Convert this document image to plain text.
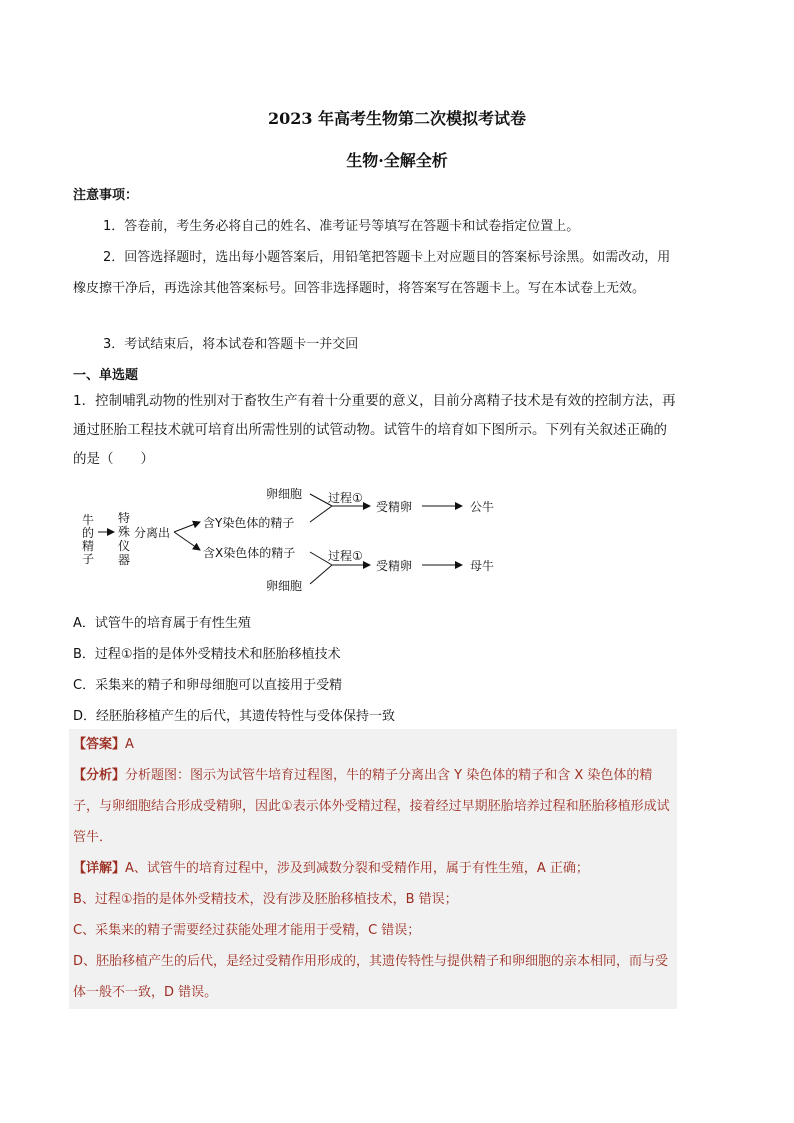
2023 年高考生物第二次模拟考试卷
生物·全解全析
注意事项：
1．答卷前，考生务必将自己的姓名、准考证号等填写在答题卡和试卷指定位置上。
2．回答选择题时，选出每小题答案后，用铅笔把答题卡上对应题目的答案标号涂黑。如需改动，用橡皮擦干净后，再选涂其他答案标号。回答非选择题时，将答案写在答题卡上。写在本试卷上无效。
3．考试结束后，将本试卷和答题卡一并交回
一、单选题
1．控制哺乳动物的性别对于畜牧生产有着十分重要的意义，目前分离精子技术是有效的控制方法，再通过胚胎工程技术就可培育出所需性别的试管动物。试管牛的培育如下图所示。下列有关叙述正确的的是（　　）
牛
的
精
子
特
殊
仪
器
分离出
含Y染色体的精子
含X染色体的精子
卵细胞 过程①
受精卵	公牛
卵细胞
过程①
受精卵	母牛
A．试管牛的培育属于有性生殖
B．过程①指的是体外受精技术和胚胎移植技术
C．采集来的精子和卵母细胞可以直接用于受精
D．经胚胎移植产生的后代，其遗传特性与受体保持一致
【答案】A
【分析】分析题图：图示为试管牛培育过程图，牛的精子分离出含 Y 染色体的精子和含 X 染色体的精子，与卵细胞结合形成受精卵，因此①表示体外受精过程，接着经过早期胚胎培养过程和胚胎移植形成试管牛．
【详解】A、试管牛的培育过程中，涉及到减数分裂和受精作用，属于有性生殖，A 正确；
B、过程①指的是体外受精技术，没有涉及胚胎移植技术，B 错误；
C、采集来的精子需要经过获能处理才能用于受精，C 错误；
D、胚胎移植产生的后代，是经过受精作用形成的，其遗传特性与提供精子和卵细胞的亲本相同，而与受体一般不一致，D 错误。
